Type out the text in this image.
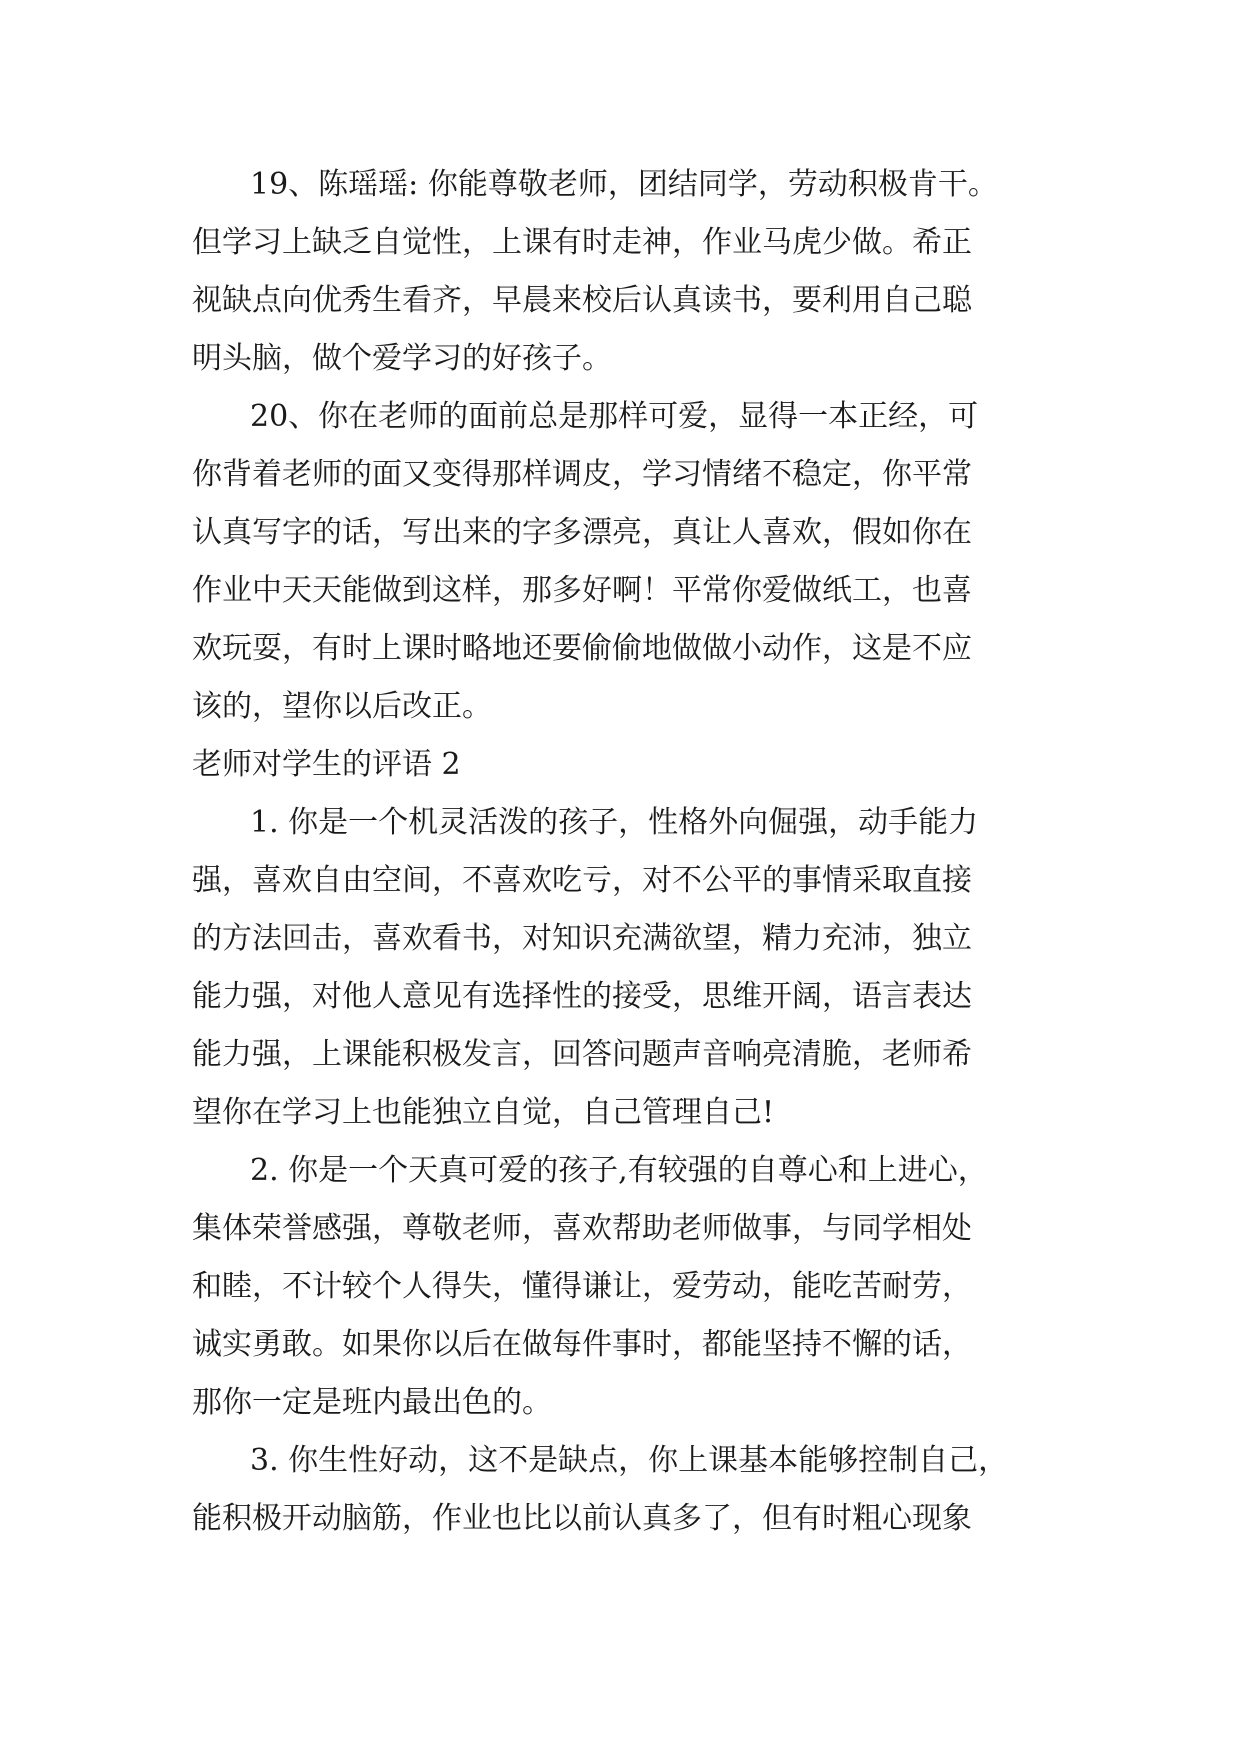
19、陈瑶瑶: 你能尊敬老师，团结同学，劳动积极肯干。
但学习上缺乏自觉性，上课有时走神，作业马虎少做。希正
视缺点向优秀生看齐，早晨来校后认真读书，要利用自己聪
明头脑，做个爱学习的好孩子。
20、你在老师的面前总是那样可爱，显得一本正经，可
你背着老师的面又变得那样调皮，学习情绪不稳定，你平常
认真写字的话，写出来的字多漂亮，真让人喜欢，假如你在
作业中天天能做到这样，那多好啊！平常你爱做纸工，也喜
欢玩耍，有时上课时略地还要偷偷地做做小动作，这是不应
该的，望你以后改正。
老师对学生的评语 2
1. 你是一个机灵活泼的孩子，性格外向倔强，动手能力
强，喜欢自由空间，不喜欢吃亏，对不公平的事情采取直接
的方法回击，喜欢看书，对知识充满欲望，精力充沛，独立
能力强，对他人意见有选择性的接受，思维开阔，语言表达
能力强，上课能积极发言，回答问题声音响亮清脆，老师希
望你在学习上也能独立自觉，自己管理自己!
2. 你是一个天真可爱的孩子,有较强的自尊心和上进心，
集体荣誉感强，尊敬老师，喜欢帮助老师做事，与同学相处
和睦，不计较个人得失，懂得谦让，爱劳动，能吃苦耐劳，
诚实勇敢。如果你以后在做每件事时，都能坚持不懈的话，
那你一定是班内最出色的。
3. 你生性好动，这不是缺点，你上课基本能够控制自己，
能积极开动脑筋，作业也比以前认真多了，但有时粗心现象
